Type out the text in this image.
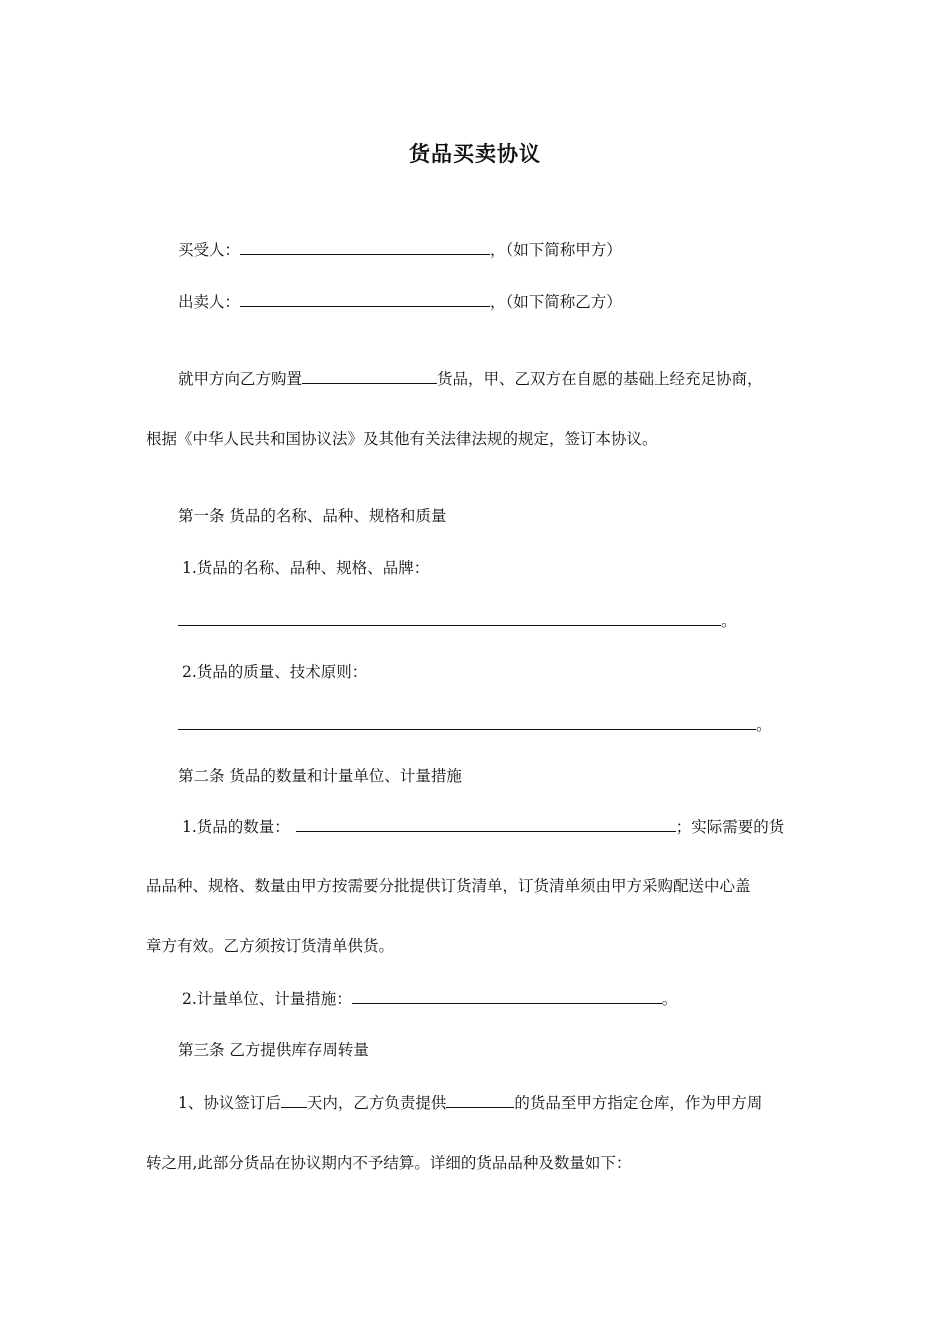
货品买卖协议
买受人：	，（如下简称甲方）
出卖人：	，（如下简称乙方）
就甲方向乙方购置	货品，甲、乙双方在自愿的基础上经充足协商，
根据《中华人民共和国协议法》及其他有关法律法规的规定，签订本协议。
第一条 货品的名称、品种、规格和质量
1.货品的名称、品种、规格、品牌：
。
2.货品的质量、技术原则：
。
第二条 货品的数量和计量单位、计量措施
1.货品的数量：	；实际需要的货
品品种、规格、数量由甲方按需要分批提供订货清单，订货清单须由甲方采购配送中心盖
章方有效。乙方须按订货清单供货。
2.计量单位、计量措施：	。
第三条 乙方提供库存周转量
1、协议签订后 天内，乙方负责提供	的货品至甲方指定仓库，作为甲方周
转之用,此部分货品在协议期内不予结算。详细的货品品种及数量如下：
